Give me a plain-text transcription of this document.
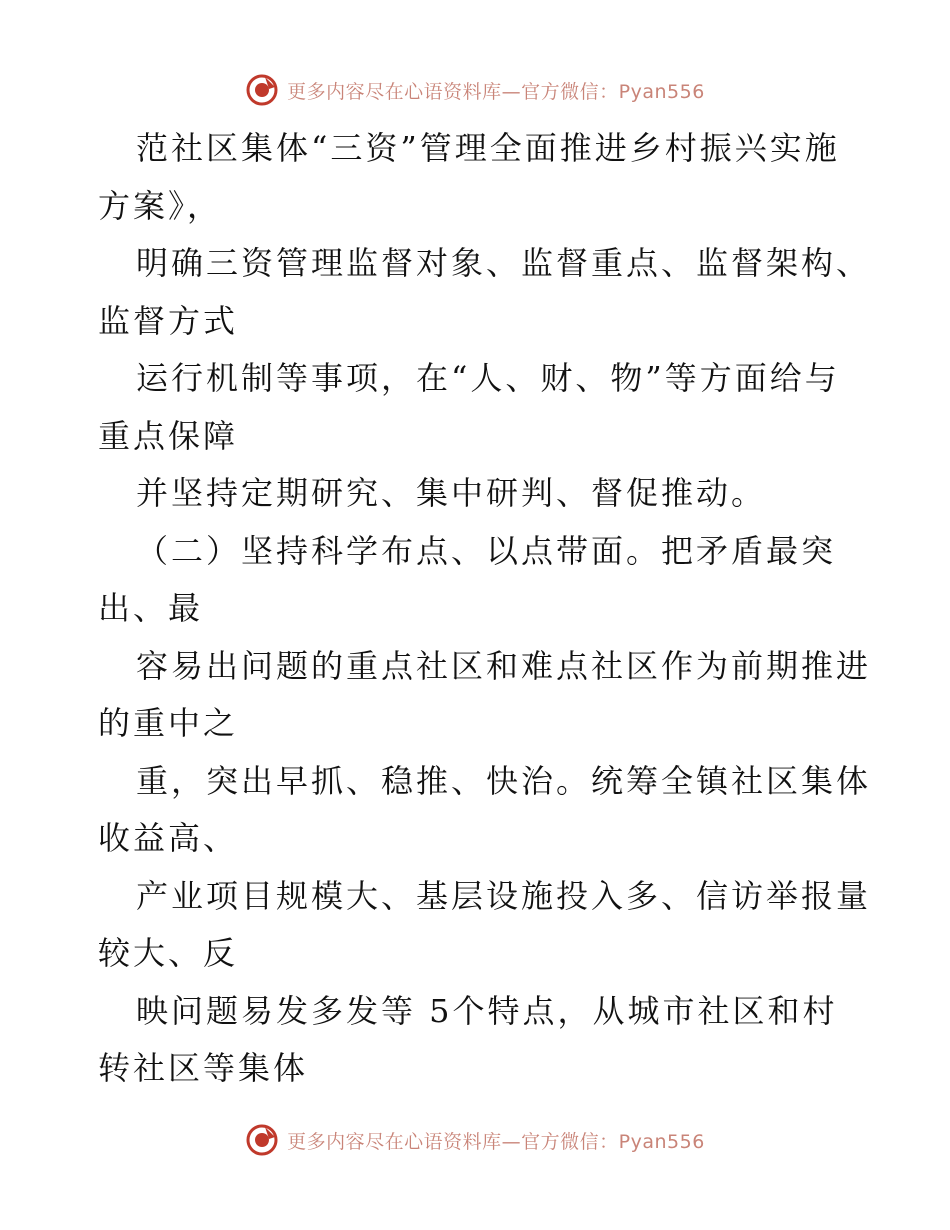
更多内容尽在心语资料库—官方微信：Pyan556

范社区集体“三资”管理全面推进乡村振兴实施

方案》，

明确三资管理监督对象、监督重点、监督架构、

监督方式

运行机制等事项，在“人、财、物”等方面给与

重点保障

并坚持定期研究、集中研判、督促推动。

（二）坚持科学布点、以点带面。把矛盾最突

出、最

容易出问题的重点社区和难点社区作为前期推进

的重中之

重，突出早抓、稳推、快治。统筹全镇社区集体

收益高、

产业项目规模大、基层设施投入多、信访举报量

较大、反

映问题易发多发等 5个特点，从城市社区和村

转社区等集体

更多内容尽在心语资料库—官方微信：Pyan556
